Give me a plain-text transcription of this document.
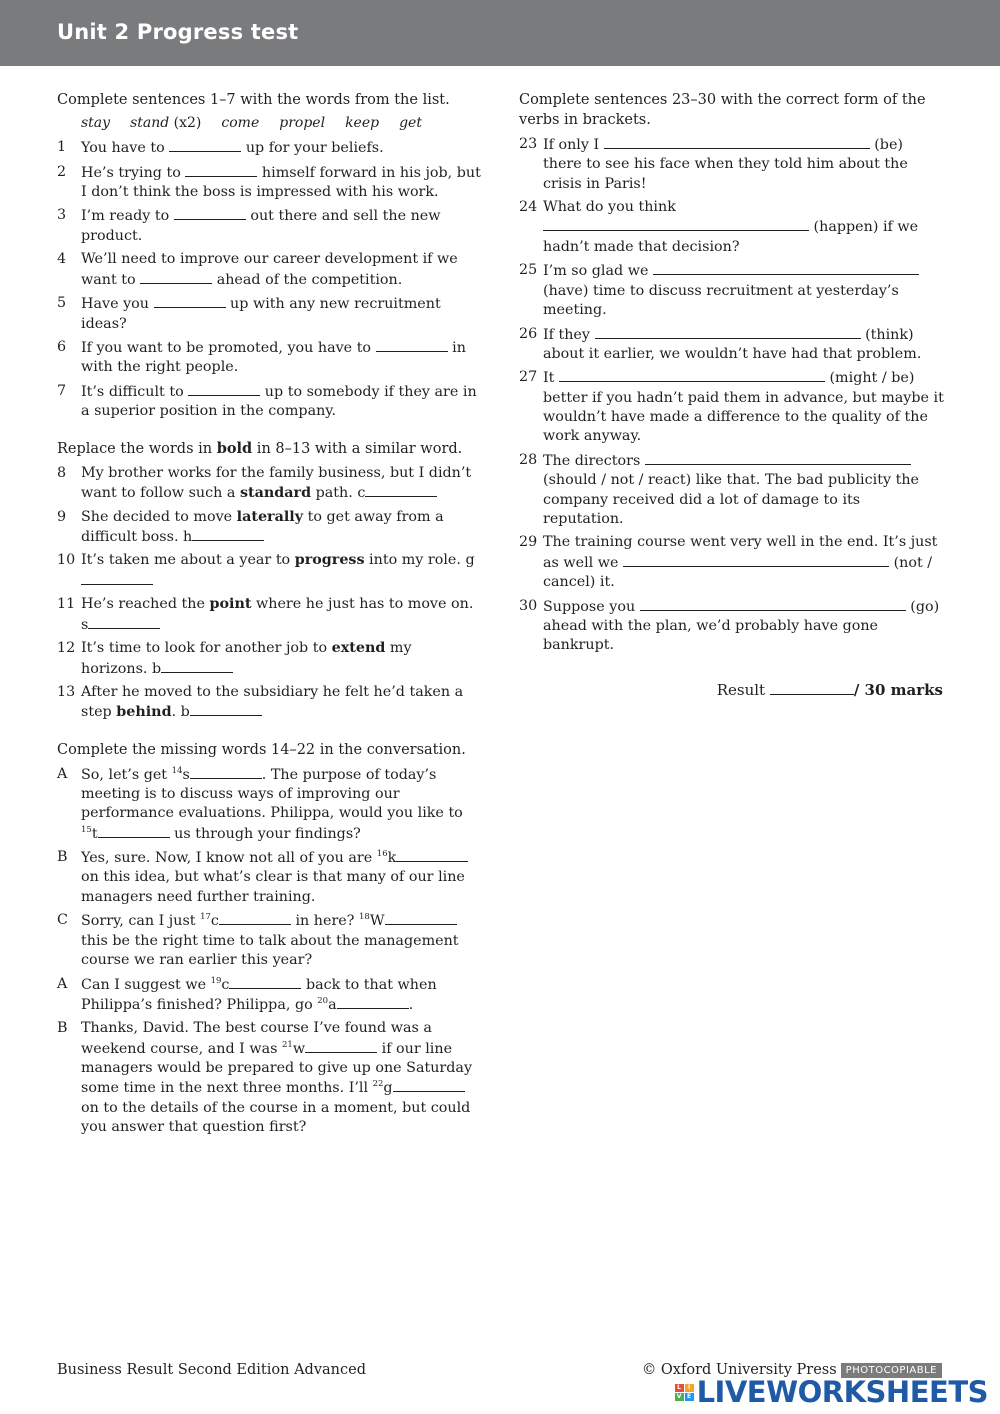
Unit 2 Progress test

Complete sentences 1–7 with the words from the list.

stay stand (x2) come propel keep get
1	You have to	up for your beliefs.
2	He’s trying to	himself forward in his job, but I don’t think the boss is impressed with his work.
3	I’m ready to	out there and sell the new product.
4	We’ll need to improve our career development if we want to	ahead of the competition.
5	Have you	up with any new recruitment ideas?
6	If you want to be promoted, you have to	in with the right people.
7	It’s difficult to	up to somebody if they are in a superior position in the company.

Replace the words in bold in 8–13 with a similar word.

8	My brother works for the family business, but I didn’t want to follow such a standard path. c
9	She decided to move laterally to get away from a difficult boss. h
10 It’s taken me about a year to progress into my role. g
11 He’s reached the point where he just has to move on. s
12 It’s time to look for another job to extend my horizons. b
13 After he moved to the subsidiary he felt he’d taken a step behind. b

Complete the missing words 14–22 in the conversation.

A So, let’s get $^{14}$s	. The purpose of today’s meeting is to discuss ways of improving our performance evaluations. Philippa, would you like to $^{15}$t	us through your findings?
B Yes, sure. Now, I know not all of you are $^{16}$k on this idea, but what’s clear is that many of our line managers need further training.
C Sorry, can I just $^{17}$c	in here? $^{18}$W this be the right time to talk about the management course we ran earlier this year?
A Can I suggest we $^{19}$c	back to that when Philippa’s finished? Philippa, go $^{20}$a	.
B Thanks, David. The best course I’ve found was a weekend course, and I was $^{21}$w	if our line managers would be prepared to give up one Saturday some time in the next three months. I’ll $^{22}$g on to the details of the course in a moment, but could you answer that question first?

Complete sentences 23–30 with the correct form of the verbs in brackets.

23 If only I	(be) there to see his face when they told him about the crisis in Paris!
24 What do you think  (happen) if we hadn’t made that decision?
25 I’m so glad we  (have) time to discuss recruitment at yesterday’s meeting.
26 If they	(think) about it earlier, we wouldn’t have had that problem.
27 It	(might / be) better if you hadn’t paid them in advance, but maybe it wouldn’t have made a difference to the quality of the work anyway.
28 The directors  (should / not / react) like that. The bad publicity the company received did a lot of damage to its reputation.
29 The training course went very well in the end. It’s just as well we	(not / cancel) it.
30 Suppose you	(go) ahead with the plan, we’d probably have gone bankrupt.
Result	/ 30 marks
Business Result Second Edition Advanced	© Oxford University Press PHOTOCOPIABLE
L	I
V E LIVEWORKSHEETS
